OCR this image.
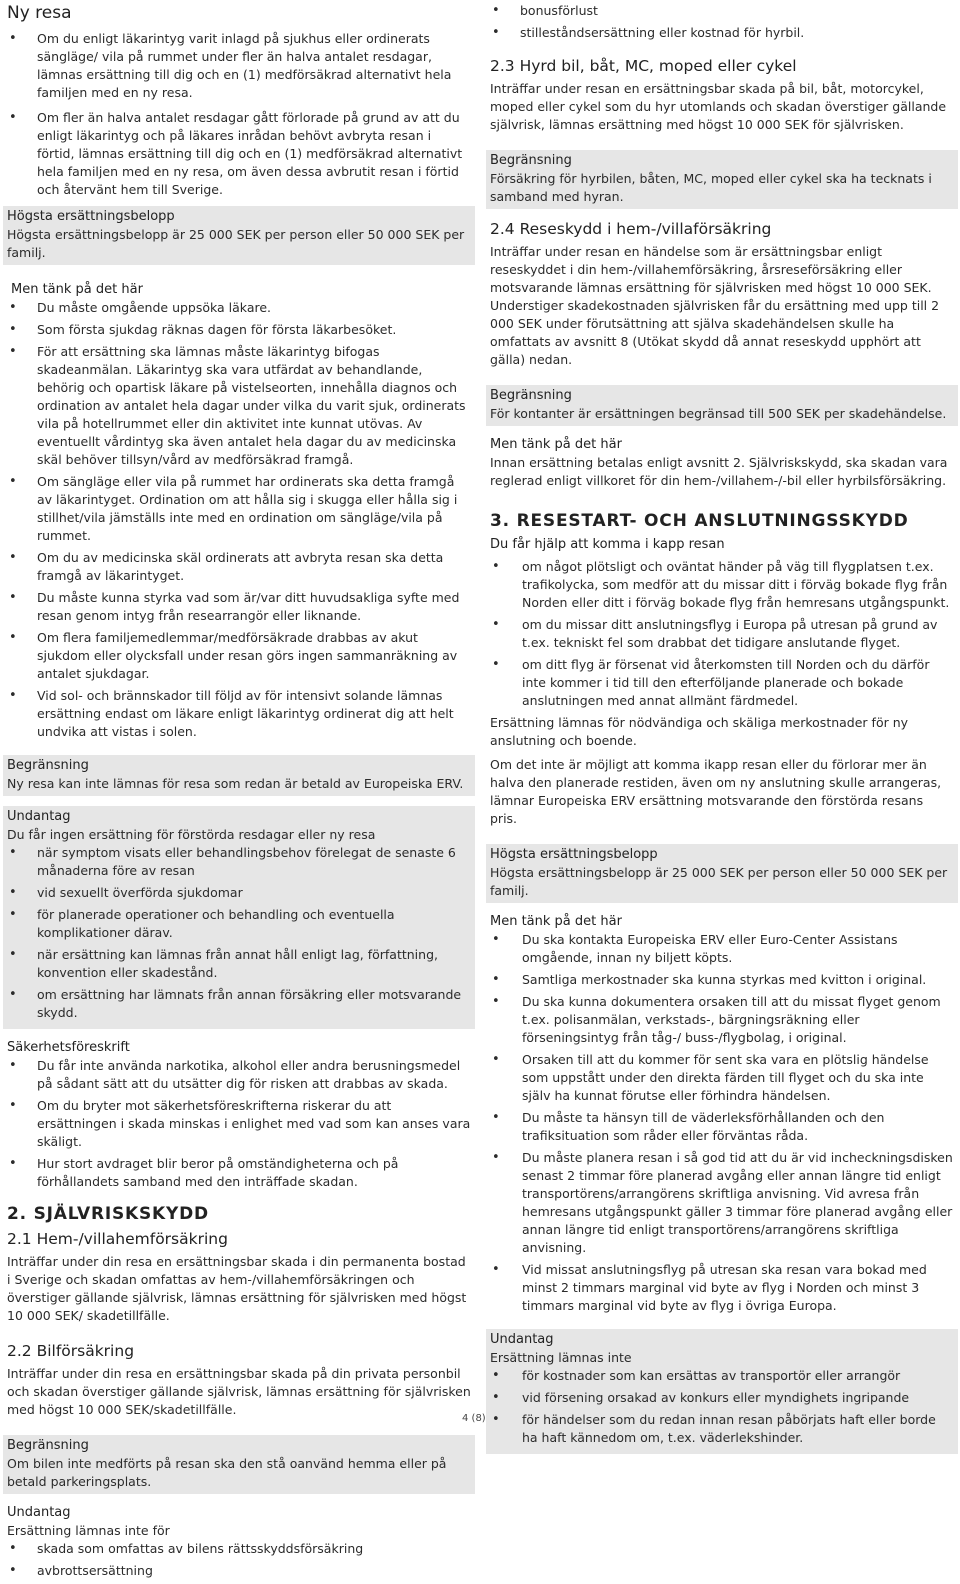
Ny resa
• Om du enligt läkarintyg varit inlagd på sjukhus eller ordinerats sängläge/ vila på rummet under fler än halva antalet resdagar, lämnas ersättning till dig och en (1) medförsäkrad alternativt hela familjen med en ny resa.
• Om fler än halva antalet resdagar gått förlorade på grund av att du enligt läkarintyg och på läkares inrådan behövt avbryta resan i förtid, lämnas ersättning till dig och en (1) medförsäkrad alternativt hela familjen med en ny resa, om även dessa avbrutit resan i förtid och återvänt hem till Sverige.
Högsta ersättningsbelopp
Högsta ersättningsbelopp är 25 000 SEK per person eller 50 000 SEK per familj.
Men tänk på det här
• Du måste omgående uppsöka läkare.
• Som första sjukdag räknas dagen för första läkarbesöket.
• För att ersättning ska lämnas måste läkarintyg bifogas skadeanmälan. Läkarintyg ska vara utfärdat av behandlande, behörig och opartisk läkare på vistelseorten, innehålla diagnos och ordination av antalet hela dagar under vilka du varit sjuk, ordinerats vila på hotellrummet eller din aktivitet inte kunnat utövas. Av eventuellt vårdintyg ska även antalet hela dagar du av medicinska skäl behöver tillsyn/vård av medförsäkrad framgå.
• Om sängläge eller vila på rummet har ordinerats ska detta framgå av läkarintyget. Ordination om att hålla sig i skugga eller hålla sig i stillhet/vila jämställs inte med en ordination om sängläge/vila på rummet.
• Om du av medicinska skäl ordinerats att avbryta resan ska detta framgå av läkarintyget.
• Du måste kunna styrka vad som är/var ditt huvudsakliga syfte med resan genom intyg från researrangör eller liknande.
• Om flera familjemedlemmar/medförsäkrade drabbas av akut sjukdom eller olycksfall under resan görs ingen sammanräkning av antalet sjukdagar.
• Vid sol- och brännskador till följd av för intensivt solande lämnas ersättning endast om läkare enligt läkarintyg ordinerat dig att helt undvika att vistas i solen.
Begränsning
Ny resa kan inte lämnas för resa som redan är betald av Europeiska ERV.
Undantag
Du får ingen ersättning för förstörda resdagar eller ny resa
• när symptom visats eller behandlingsbehov förelegat de senaste 6 månaderna före av resan
• vid sexuellt överförda sjukdomar
• för planerade operationer och behandling och eventuella komplikationer därav.
• när ersättning kan lämnas från annat håll enligt lag, författning, konvention eller skadestånd.
• om ersättning har lämnats från annan försäkring eller motsvarande skydd.
Säkerhetsföreskrift
• Du får inte använda narkotika, alkohol eller andra berusningsmedel på sådant sätt att du utsätter dig för risken att drabbas av skada.
• Om du bryter mot säkerhetsföreskrifterna riskerar du att ersättningen i skada minskas i enlighet med vad som kan anses vara skäligt.
• Hur stort avdraget blir beror på omständigheterna och på förhållandets samband med den inträffade skadan.
2. SJÄLVRISKSKYDD
2.1 Hem-/villahemförsäkring

Inträffar under din resa en ersättningsbar skada i din permanenta bostad i Sverige och skadan omfattas av hem-/villahemförsäkringen och överstiger gällande självrisk, lämnas ersättning för självrisken med högst 10 000 SEK/ skadetillfälle.

2.2 Bilförsäkring

Inträffar under din resa en ersättningsbar skada på din privata personbil och skadan överstiger gällande självrisk, lämnas ersättning för självrisken med högst 10 000 SEK/skadetillfälle.

Begränsning
Om bilen inte medförts på resan ska den stå oanvänd hemma eller på betald parkeringsplats.
Undantag
Ersättning lämnas inte för
• skada som omfattas av bilens rättsskyddsförsäkring
• avbrottsersättning
• bonusförlust
• stilleståndsersättning eller kostnad för hyrbil.
2.3 Hyrd bil, båt, MC, moped eller cykel

Inträffar under resan en ersättningsbar skada på bil, båt, motorcykel, moped eller cykel som du hyr utomlands och skadan överstiger gällande självrisk, lämnas ersättning med högst 10 000 SEK för självrisken.

Begränsning
Försäkring för hyrbilen, båten, MC, moped eller cykel ska ha tecknats i samband med hyran.
2.4 Reseskydd i hem-/villaförsäkring

Inträffar under resan en händelse som är ersättningsbar enligt reseskyddet i din hem-/villahemförsäkring, årsreseförsäkring eller motsvarande lämnas ersättning för självrisken med högst 10 000 SEK. Understiger skadekostnaden självrisken får du ersättning med upp till 2 000 SEK under förutsättning att själva skadehändelsen skulle ha omfattats av avsnitt 8 (Utökat skydd då annat reseskydd upphört att gälla) nedan.

Begränsning
För kontanter är ersättningen begränsad till 500 SEK per skadehändelse.
Men tänk på det här

Innan ersättning betalas enligt avsnitt 2. Självriskskydd, ska skadan vara reglerad enligt villkoret för din hem-/villahem-/-bil eller hyrbilsförsäkring.

3. RESESTART- OCH ANSLUTNINGSSKYDD
Du får hjälp att komma i kapp resan
• om något plötsligt och oväntat händer på väg till flygplatsen t.ex. trafikolycka, som medför att du missar ditt i förväg bokade flyg från Norden eller ditt i förväg bokade flyg från hemresans utgångspunkt.
• om du missar ditt anslutningsflyg i Europa på utresan på grund av t.ex. tekniskt fel som drabbat det tidigare anslutande flyget.
• om ditt flyg är försenat vid återkomsten till Norden och du därför inte kommer i tid till den efterföljande planerade och bokade anslutningen med annat allmänt färdmedel.

Ersättning lämnas för nödvändiga och skäliga merkostnader för ny anslutning och boende.

Om det inte är möjligt att komma ikapp resan eller du förlorar mer än halva den planerade restiden, även om ny anslutning skulle arrangeras, lämnar Europeiska ERV ersättning motsvarande den förstörda resans pris.

Högsta ersättningsbelopp
Högsta ersättningsbelopp är 25 000 SEK per person eller 50 000 SEK per familj.
Men tänk på det här
• Du ska kontakta Europeiska ERV eller Euro-Center Assistans omgående, innan ny biljett köpts.
• Samtliga merkostnader ska kunna styrkas med kvitton i original.
• Du ska kunna dokumentera orsaken till att du missat flyget genom t.ex. polisanmälan, verkstads-, bärgningsräkning eller förseningsintyg från tåg-/ buss-/flygbolag, i original.
• Orsaken till att du kommer för sent ska vara en plötslig händelse som uppstått under den direkta färden till flyget och du ska inte själv ha kunnat förutse eller förhindra händelsen.
• Du måste ta hänsyn till de väderleksförhållanden och den trafiksituation som råder eller förväntas råda.
• Du måste planera resan i så god tid att du är vid incheckningsdisken senast 2 timmar före planerad avgång eller annan längre tid enligt transportörens/arrangörens skriftliga anvisning. Vid avresa från hemresans utgångspunkt gäller 3 timmar före planerad avgång eller annan längre tid enligt transportörens/arrangörens skriftliga anvisning.
• Vid missat anslutningsflyg på utresan ska resan vara bokad med minst 2 timmars marginal vid byte av flyg i Norden och minst 3 timmars marginal vid byte av flyg i övriga Europa.
Undantag
Ersättning lämnas inte
• för kostnader som kan ersättas av transportör eller arrangör
• vid försening orsakad av konkurs eller myndighets ingripande
• för händelser som du redan innan resan påbörjats haft eller borde ha haft kännedom om, t.ex. väderlekshinder.
4 (8)
